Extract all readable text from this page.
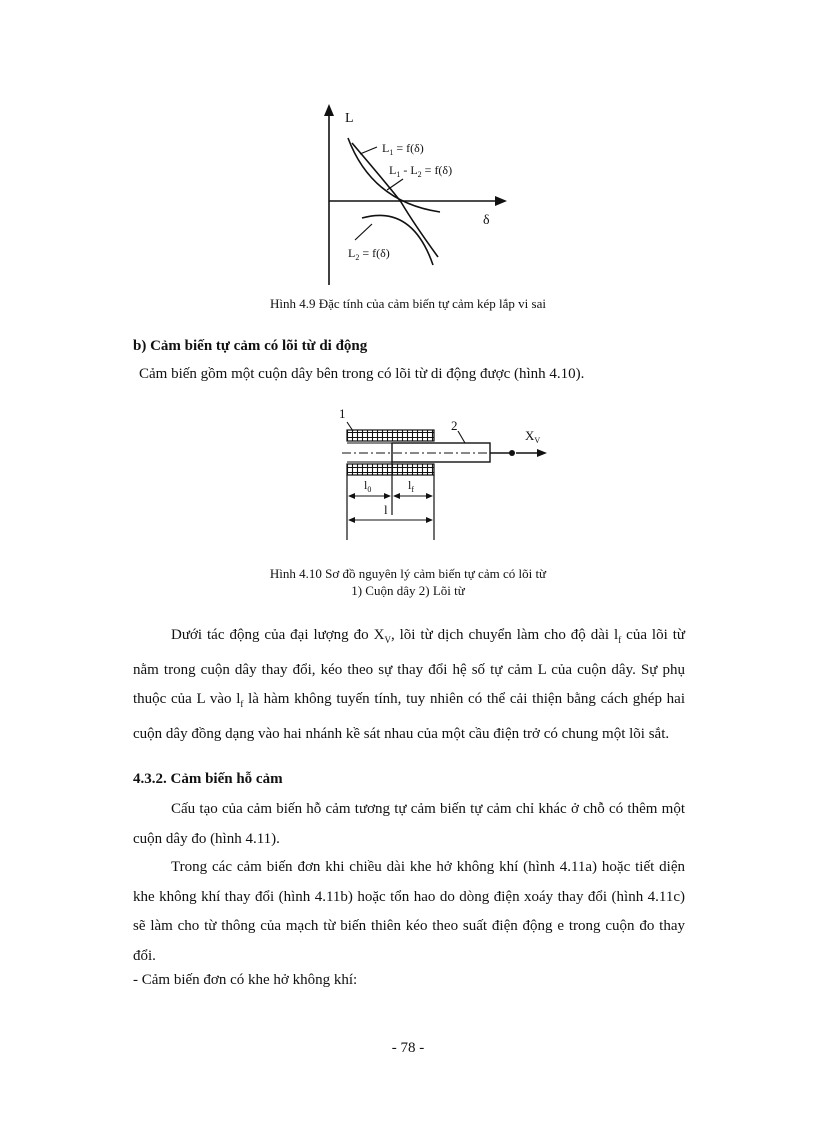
L
δ
$L_1 = f(\delta)$
$L_1 - L_2 = f(\delta)$
$L_2 = f(\delta)$
Hình 4.9 Đặc tính của cảm biến tự cảm kép lắp vi sai
b) Cảm biến tự cảm có lõi từ di động
Cảm biến gồm một cuộn dây bên trong có lõi từ di động được (hình 4.10).
1
2
$X_V$
$l_0$	$l_f$
l
Hình 4.10 Sơ đồ nguyên lý cảm biến tự cảm có lõi từ
1) Cuộn dây 2) Lõi từ
Dưới tác động của đại lượng đo $X_V$, lõi từ dịch chuyển làm cho độ dài $l_f$ của lõi từ nằm trong cuộn dây thay đổi, kéo theo sự thay đổi hệ số tự cảm L của cuộn dây. Sự phụ thuộc của L vào $l_f$ là hàm không tuyến tính, tuy nhiên có thể cải thiện bằng cách ghép hai cuộn dây đồng dạng vào hai nhánh kề sát nhau của một cầu điện trở có chung một lõi sắt.
4.3.2. Cảm biến hỗ cảm
Cấu tạo của cảm biến hỗ cảm tương tự cảm biến tự cảm chỉ khác ở chỗ có thêm một cuộn dây đo (hình 4.11).
Trong các cảm biến đơn khi chiều dài khe hở không khí (hình 4.11a) hoặc tiết diện khe không khí thay đổi (hình 4.11b) hoặc tổn hao do dòng điện xoáy thay đổi (hình 4.11c) sẽ làm cho từ thông của mạch từ biến thiên kéo theo suất điện động e trong cuộn đo thay đổi.
- Cảm biến đơn có khe hở không khí:
- 78 -
